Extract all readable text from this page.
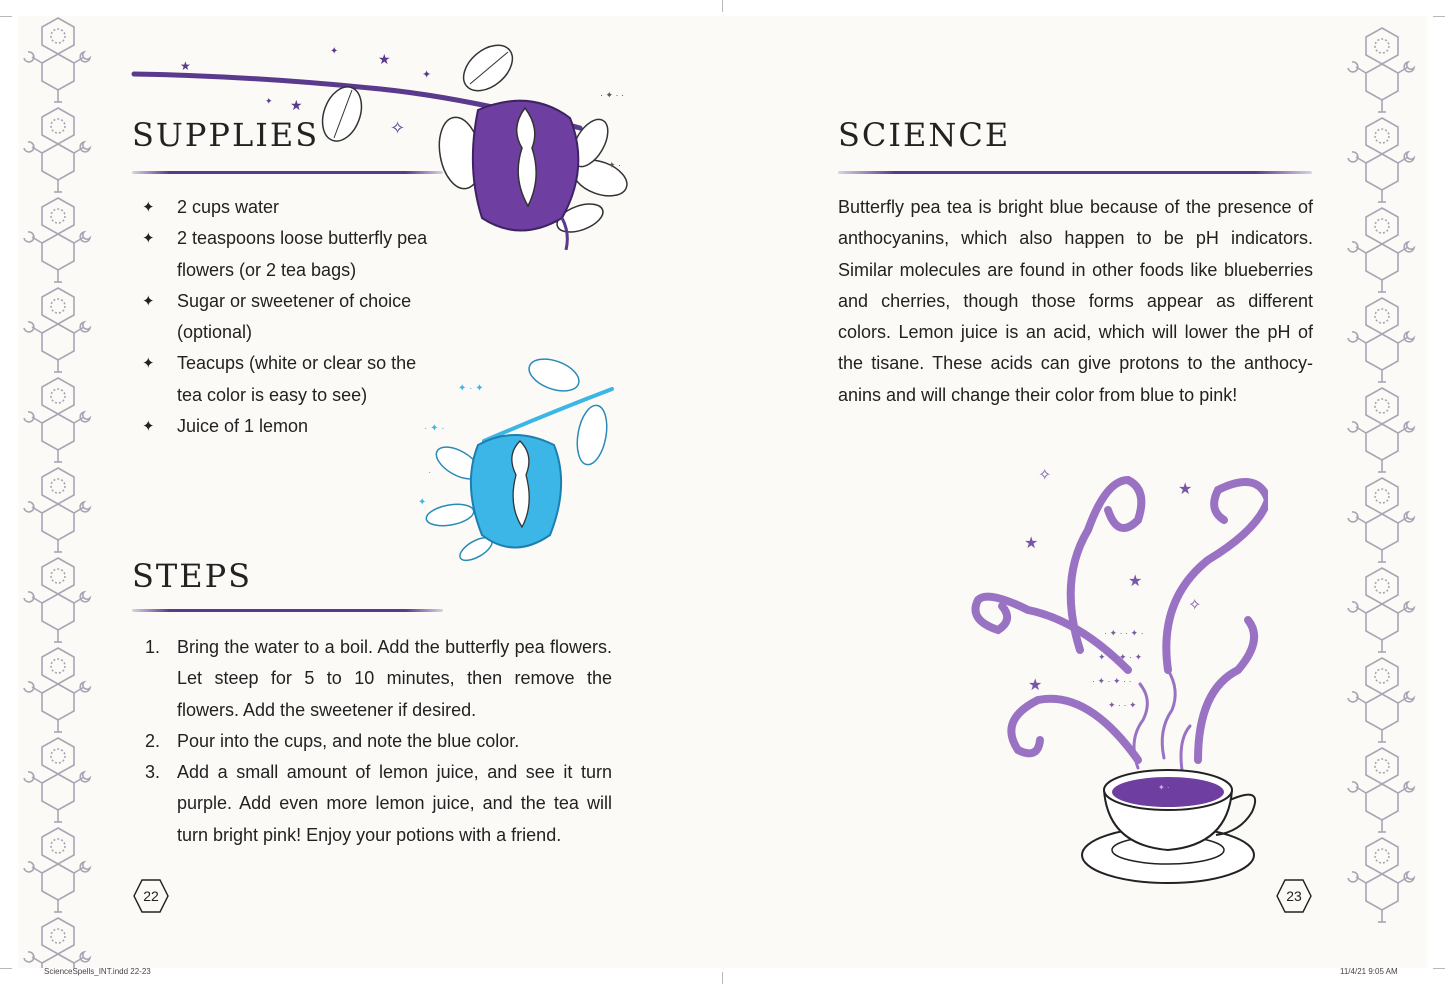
SUPPLIES
✦ 2 cups water
✦ 2 teaspoons loose butterfly pea flowers (or 2 tea bags)
✦ Sugar or sweetener of choice (optional)
✦ Teacups (white or clear so the tea color is easy to see)
✦ Juice of 1 lemon
STEPS
1. Bring the water to a boil. Add the butterfly pea flowers. Let steep for 5 to 10 minutes, then remove the flowers. Add the sweetener if desired.
2. Pour into the cups, and note the blue color.
3. Add a small amount of lemon juice, and see it turn purple. Add even more lemon juice, and the tea will turn bright pink! Enjoy your potions with a friend.
22
★
★
★
✦
✧
✦
✦
· ✦ · ·
✦ ·
✦ · ✦
· ✦ ·
✦
·
SCIENCE

Butterfly pea tea is bright blue because of the presence of anthocyanins, which also happen to be pH indicators. Similar molecules are found in other foods like blueberries and cherries, though those forms appear as different colors. Lemon juice is an acid, which will lower the pH of the tisane. These acids can give protons to the anthocyanins and will change their color from blue to pink!

✧
★
★
✧
★
★
· ✦ · · ✦ ·
✦ · · ✦ · ✦
· ✦ · ✦ · ·
✦ · · ✦
✦ ·
23
ScienceSpells_INT.indd 22-23	11/4/21 9:05 AM
